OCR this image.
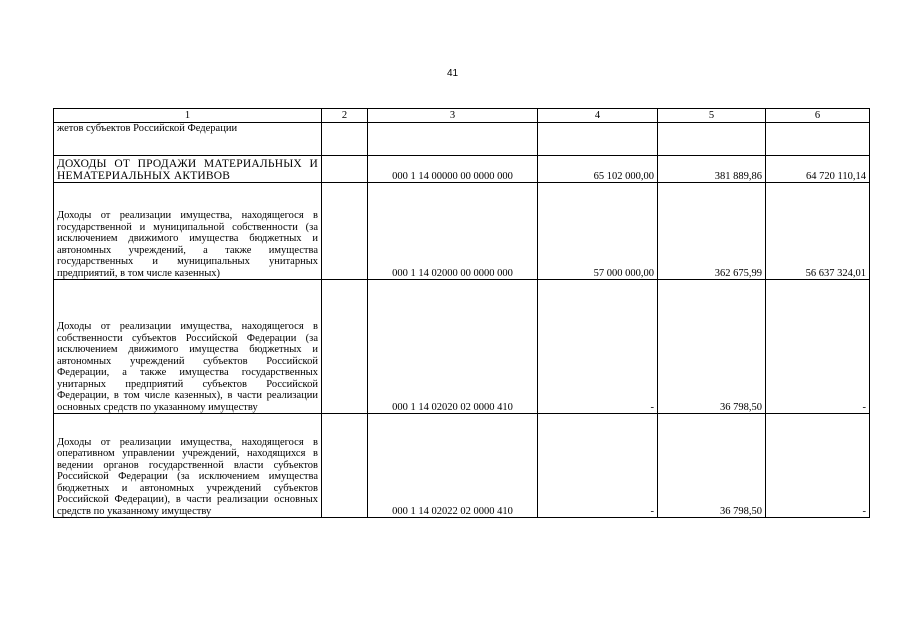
41
1	2	3	4	5	6
жетов субъектов Российской Федерации					
ДОХОДЫ ОТ ПРОДАЖИ МАТЕРИАЛЬНЫХ И НЕМАТЕРИАЛЬНЫХ АКТИВОВ		000 1 14 00000 00 0000 000	65 102 000,00	381 889,86	64 720 110,14
Доходы от реализации имущества, находящегося в государственной и муниципальной собственности (за исключением движимого имущества бюджетных и автономных учреждений, а также имущества государственных и муниципальных унитарных предприятий, в том числе казенных)		000 1 14 02000 00 0000 000	57 000 000,00	362 675,99	56 637 324,01
Доходы от реализации имущества, находящегося в собственности субъектов Российской Федерации (за исключением движимого имущества бюджетных и автономных учреждений субъектов Российской Федерации, а также имущества государственных унитарных предприятий субъектов Российской Федерации, в том числе казенных), в части реализации основных средств по указанному имуществу		000 1 14 02020 02 0000 410	-	36 798,50	-
Доходы от реализации имущества, находящегося в оперативном управлении учреждений, находящихся в ведении органов государственной власти субъектов Российской Федерации (за исключением имущества бюджетных и автономных учреждений субъектов Российской Федерации), в части реализации основных средств по указанному имуществу		000 1 14 02022 02 0000 410	-	36 798,50	-
